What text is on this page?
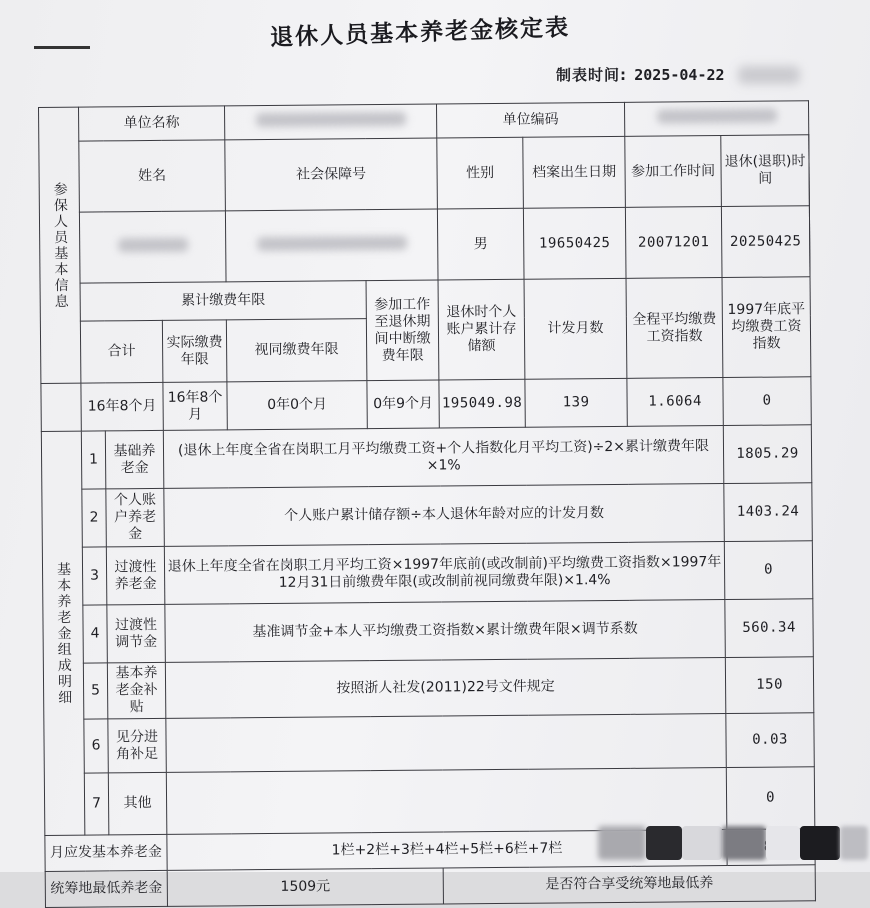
退休人员基本养老金核定表
制表时间: 2025-04-22
参保人员基本信息	单位名称					单位编码				
	姓名			社会保障号		性别	档案出生日期	参加工作时间	退休(退职)时间	
						男	19650425	20071201	20250425	
	累计缴费年限				参加工作至退休期间中断缴费年限	退休时个人账户累计存储额	计发月数	全程平均缴费工资指数	1997年底平均缴费工资指数	
	合计		实际缴费年限	视同缴费年限						
	16年8个月		16年8个月	0年0个月	0年9个月	195049.98	139	1.6064	0	
基本养老金组成明细	1	基础养老金	(退休上年度全省在岗职工月平均缴费工资+个人指数化月平均工资)÷2×累计缴费年限×1%						1805.29	
	2	个人账户养老金	个人账户累计储存额÷本人退休年龄对应的计发月数						1403.24	
	3	过渡性养老金	退休上年度全省在岗职工月平均工资×1997年底前(或改制前)平均缴费工资指数×1997年12月31日前缴费年限(或改制前视同缴费年限)×1.4%						0	
	4	过渡性调节金	基准调节金+本人平均缴费工资指数×累计缴费年限×调节系数						560.34	
	5	基本养老金补贴	按照浙人社发(2011)22号文件规定						150	
	6	见分进角补足							0.03	
	7	其他							0	
月应发基本养老金			1栏+2栏+3栏+4栏+5栏+6栏+7栏	
统筹地最低养老金			1509元			是否符合享受统筹地最低养				
